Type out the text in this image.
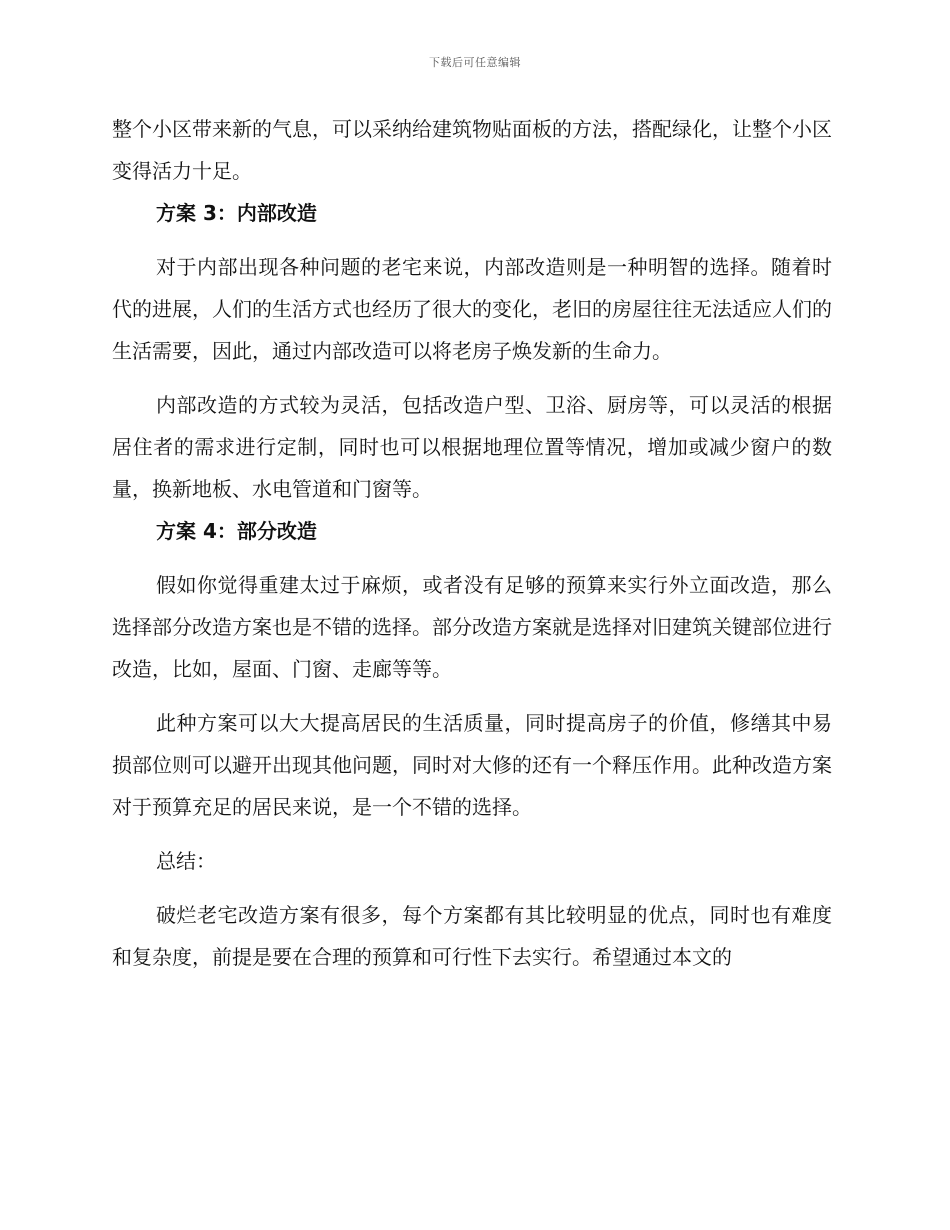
下载后可任意编辑

整个小区带来新的气息，可以采纳给建筑物贴面板的方法，搭配绿化，让整个小区变得活力十足。

方案 3：内部改造

对于内部出现各种问题的老宅来说，内部改造则是一种明智的选择。随着时代的进展，人们的生活方式也经历了很大的变化，老旧的房屋往往无法适应人们的生活需要，因此，通过内部改造可以将老房子焕发新的生命力。

内部改造的方式较为灵活，包括改造户型、卫浴、厨房等，可以灵活的根据居住者的需求进行定制，同时也可以根据地理位置等情况，增加或减少窗户的数量，换新地板、水电管道和门窗等。

方案 4：部分改造

假如你觉得重建太过于麻烦，或者没有足够的预算来实行外立面改造，那么选择部分改造方案也是不错的选择。部分改造方案就是选择对旧建筑关键部位进行改造，比如，屋面、门窗、走廊等等。

此种方案可以大大提高居民的生活质量，同时提高房子的价值，修缮其中易损部位则可以避开出现其他问题，同时对大修的还有一个释压作用。此种改造方案对于预算充足的居民来说，是一个不错的选择。

总结：

破烂老宅改造方案有很多，每个方案都有其比较明显的优点，同时也有难度和复杂度，前提是要在合理的预算和可行性下去实行。希望通过本文的
